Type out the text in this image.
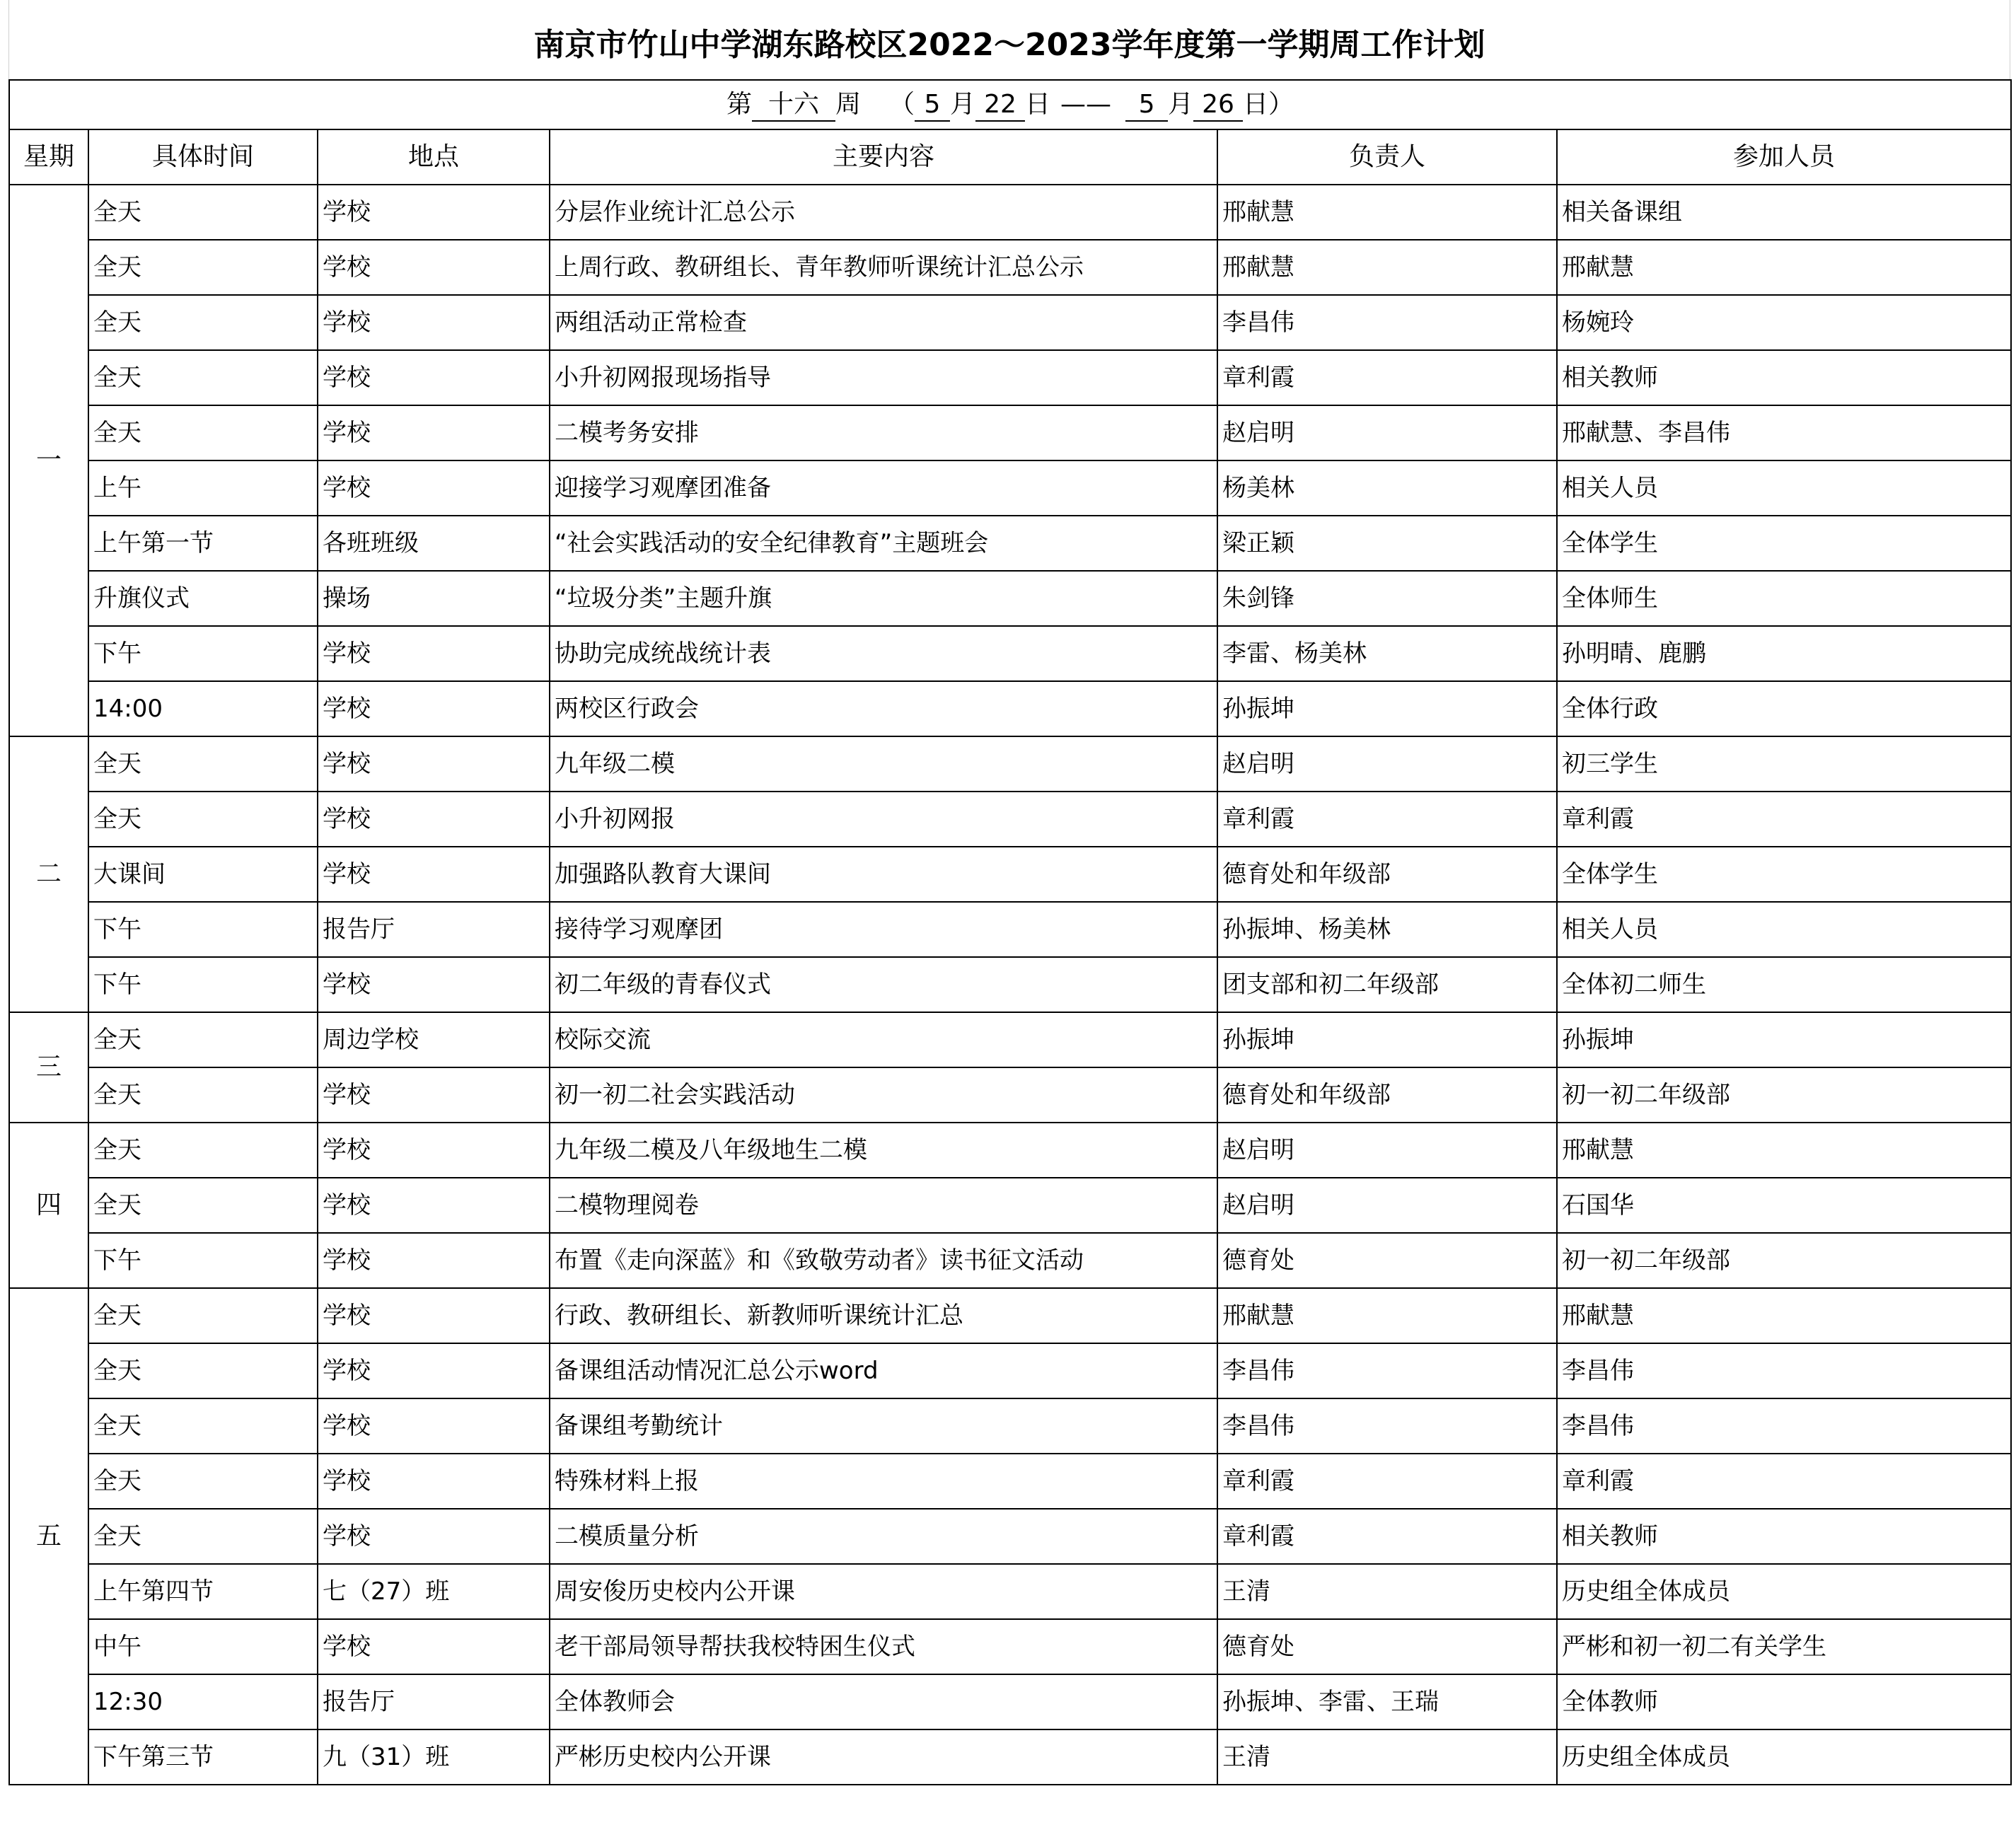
南京市竹山中学湖东路校区2022～2023学年度第一学期周工作计划
第 十六 周 （ 5 月 22 日 —— 5 月 26 日）					
星期	具体时间	地点	主要内容	负责人	参加人员
一	全天	学校	分层作业统计汇总公示	邢献慧	相关备课组
	全天	学校	上周行政、教研组长、青年教师听课统计汇总公示	邢献慧	邢献慧
	全天	学校	两组活动正常检查	李昌伟	杨婉玲
	全天	学校	小升初网报现场指导	章利霞	相关教师
	全天	学校	二模考务安排	赵启明	邢献慧、李昌伟
	上午	学校	迎接学习观摩团准备	杨美林	相关人员
	上午第一节	各班班级	“社会实践活动的安全纪律教育”主题班会	梁正颖	全体学生
	升旗仪式	操场	“垃圾分类”主题升旗	朱剑锋	全体师生
	下午	学校	协助完成统战统计表	李雷、杨美林	孙明晴、鹿鹏
	14:00	学校	两校区行政会	孙振坤	全体行政
二	全天	学校	九年级二模	赵启明	初三学生
	全天	学校	小升初网报	章利霞	章利霞
	大课间	学校	加强路队教育大课间	德育处和年级部	全体学生
	下午	报告厅	接待学习观摩团	孙振坤、杨美林	相关人员
	下午	学校	初二年级的青春仪式	团支部和初二年级部	全体初二师生
三	全天	周边学校	校际交流	孙振坤	孙振坤
	全天	学校	初一初二社会实践活动	德育处和年级部	初一初二年级部
四	全天	学校	九年级二模及八年级地生二模	赵启明	邢献慧
	全天	学校	二模物理阅卷	赵启明	石国华
	下午	学校	布置《走向深蓝》和《致敬劳动者》读书征文活动	德育处	初一初二年级部
五	全天	学校	行政、教研组长、新教师听课统计汇总	邢献慧	邢献慧
	全天	学校	备课组活动情况汇总公示word	李昌伟	李昌伟
	全天	学校	备课组考勤统计	李昌伟	李昌伟
	全天	学校	特殊材料上报	章利霞	章利霞
	全天	学校	二模质量分析	章利霞	相关教师
	上午第四节	七（27）班	周安俊历史校内公开课	王清	历史组全体成员
	中午	学校	老干部局领导帮扶我校特困生仪式	德育处	严彬和初一初二有关学生
	12:30	报告厅	全体教师会	孙振坤、李雷、王瑞	全体教师
	下午第三节	九（31）班	严彬历史校内公开课	王清	历史组全体成员
